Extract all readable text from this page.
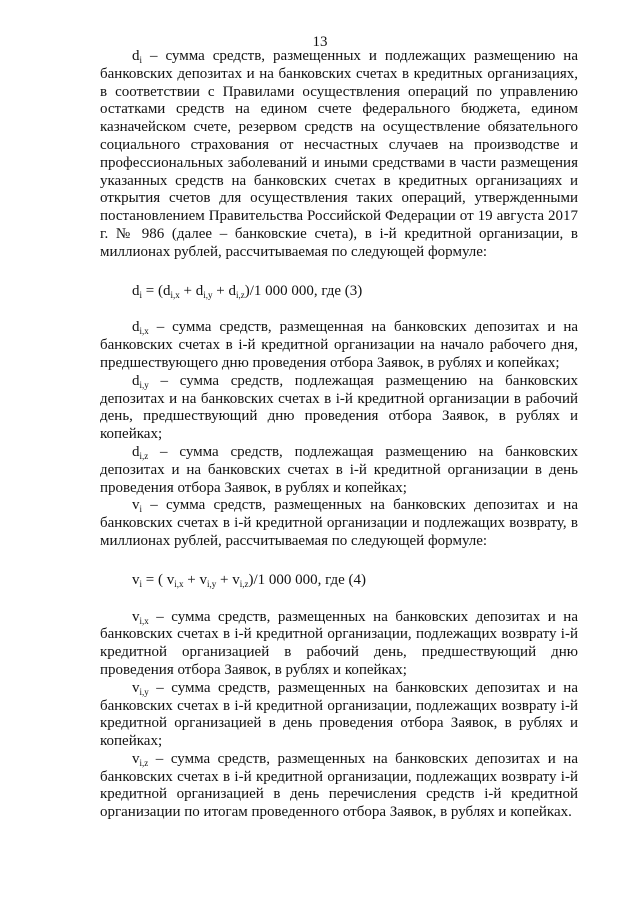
13

$d_i$ – сумма средств, размещенных и подлежащих размещению на банковских депозитах и на банковских счетах в кредитных организациях, в соответствии с Правилами осуществления операций по управлению остатками средств на едином счете федерального бюджета, едином казначейском счете, резервом средств на осуществление обязательного социального страхования от несчастных случаев на производстве и профессиональных заболеваний и иными средствами в части размещения указанных средств на банковских счетах в кредитных организациях и открытия счетов для осуществления таких операций, утвержденными постановлением Правительства Российской Федерации от 19 августа 2017 г. № 986 (далее – банковские счета), в i-й кредитной организации, в миллионах рублей, рассчитываемая по следующей формуле:

$d_i = (d_{i,x} + d_{i,y} + d_{i,z})/1$ 000 000, где (3)

$d_{i,x}$ – сумма средств, размещенная на банковских депозитах и на банковских счетах в i-й кредитной организации на начало рабочего дня, предшествующего дню проведения отбора Заявок, в рублях и копейках;

$d_{i,y}$ – сумма средств, подлежащая размещению на банковских депозитах и на банковских счетах в i-й кредитной организации в рабочий день, предшествующий дню проведения отбора Заявок, в рублях и копейках;

$d_{i,z}$ – сумма средств, подлежащая размещению на банковских депозитах и на банковских счетах в i-й кредитной организации в день проведения отбора Заявок, в рублях и копейках;

$v_i$ – сумма средств, размещенных на банковских депозитах и на банковских счетах в i-й кредитной организации и подлежащих возврату, в миллионах рублей, рассчитываемая по следующей формуле:

$v_i$ = ( $v_{i,x} + v_{i,y} + v_{i,z})/1$ 000 000, где (4)

$v_{i,x}$ – сумма средств, размещенных на банковских депозитах и на банковских счетах в i-й кредитной организации, подлежащих возврату i-й кредитной организацией в рабочий день, предшествующий дню проведения отбора Заявок, в рублях и копейках;

$v_{i,y}$ – сумма средств, размещенных на банковских депозитах и на банковских счетах в i-й кредитной организации, подлежащих возврату i-й кредитной организацией в день проведения отбора Заявок, в рублях и копейках;

$v_{i,z}$ – сумма средств, размещенных на банковских депозитах и на банковских счетах в i-й кредитной организации, подлежащих возврату i-й кредитной организацией в день перечисления средств i-й кредитной организации по итогам проведенного отбора Заявок, в рублях и копейках.
